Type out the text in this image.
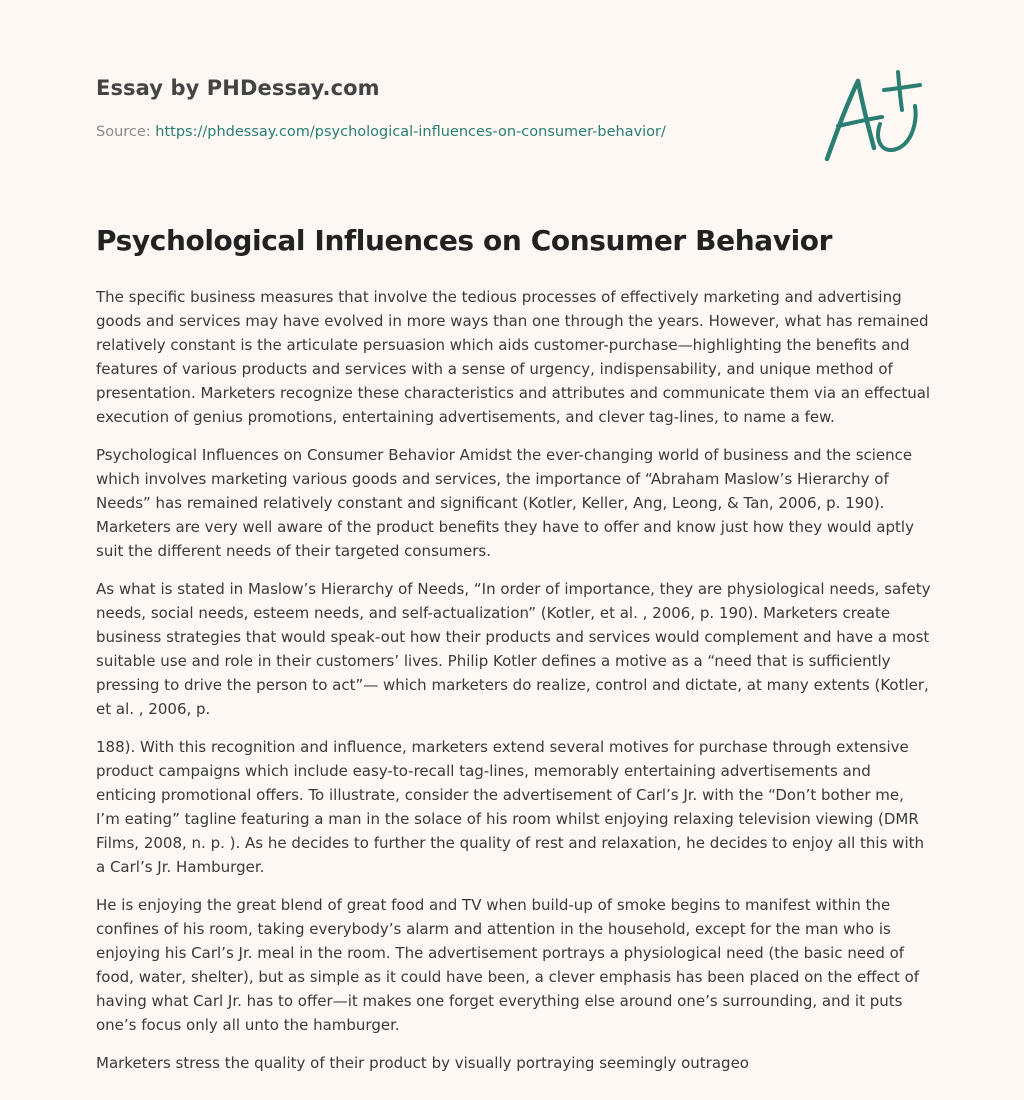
Essay by PHDessay.com
Source: https://phdessay.com/psychological-influences-on-consumer-behavior/
Psychological Influences on Consumer Behavior

The specific business measures that involve the tedious processes of effectively marketing and advertising goods and services may have evolved in more ways than one through the years. However, what has remained relatively constant is the articulate persuasion which aids customer-purchase—highlighting the benefits and features of various products and services with a sense of urgency, indispensability, and unique method of presentation. Marketers recognize these characteristics and attributes and communicate them via an effectual execution of genius promotions, entertaining advertisements, and clever tag-lines, to name a few.

Psychological Influences on Consumer Behavior Amidst the ever-changing world of business and the science which involves marketing various goods and services, the importance of “Abraham Maslow’s Hierarchy of Needs” has remained relatively constant and significant (Kotler, Keller, Ang, Leong, & Tan, 2006, p. 190). Marketers are very well aware of the product benefits they have to offer and know just how they would aptly suit the different needs of their targeted consumers.

As what is stated in Maslow’s Hierarchy of Needs, “In order of importance, they are physiological needs, safety needs, social needs, esteem needs, and self-actualization” (Kotler, et al. , 2006, p. 190). Marketers create business strategies that would speak-out how their products and services would complement and have a most suitable use and role in their customers’ lives. Philip Kotler defines a motive as a “need that is sufficiently pressing to drive the person to act”— which marketers do realize, control and dictate, at many extents (Kotler, et al. , 2006, p.

188). With this recognition and influence, marketers extend several motives for purchase through extensive product campaigns which include easy-to-recall tag-lines, memorably entertaining advertisements and enticing promotional offers. To illustrate, consider the advertisement of Carl’s Jr. with the “Don’t bother me, I’m eating” tagline featuring a man in the solace of his room whilst enjoying relaxing television viewing (DMR Films, 2008, n. p. ). As he decides to further the quality of rest and relaxation, he decides to enjoy all this with a Carl’s Jr. Hamburger.

He is enjoying the great blend of great food and TV when build-up of smoke begins to manifest within the confines of his room, taking everybody’s alarm and attention in the household, except for the man who is enjoying his Carl’s Jr. meal in the room. The advertisement portrays a physiological need (the basic need of food, water, shelter), but as simple as it could have been, a clever emphasis has been placed on the effect of having what Carl Jr. has to offer—it makes one forget everything else around one’s surrounding, and it puts one’s focus only all unto the hamburger.

Marketers stress the quality of their product by visually portraying seemingly outrageo
